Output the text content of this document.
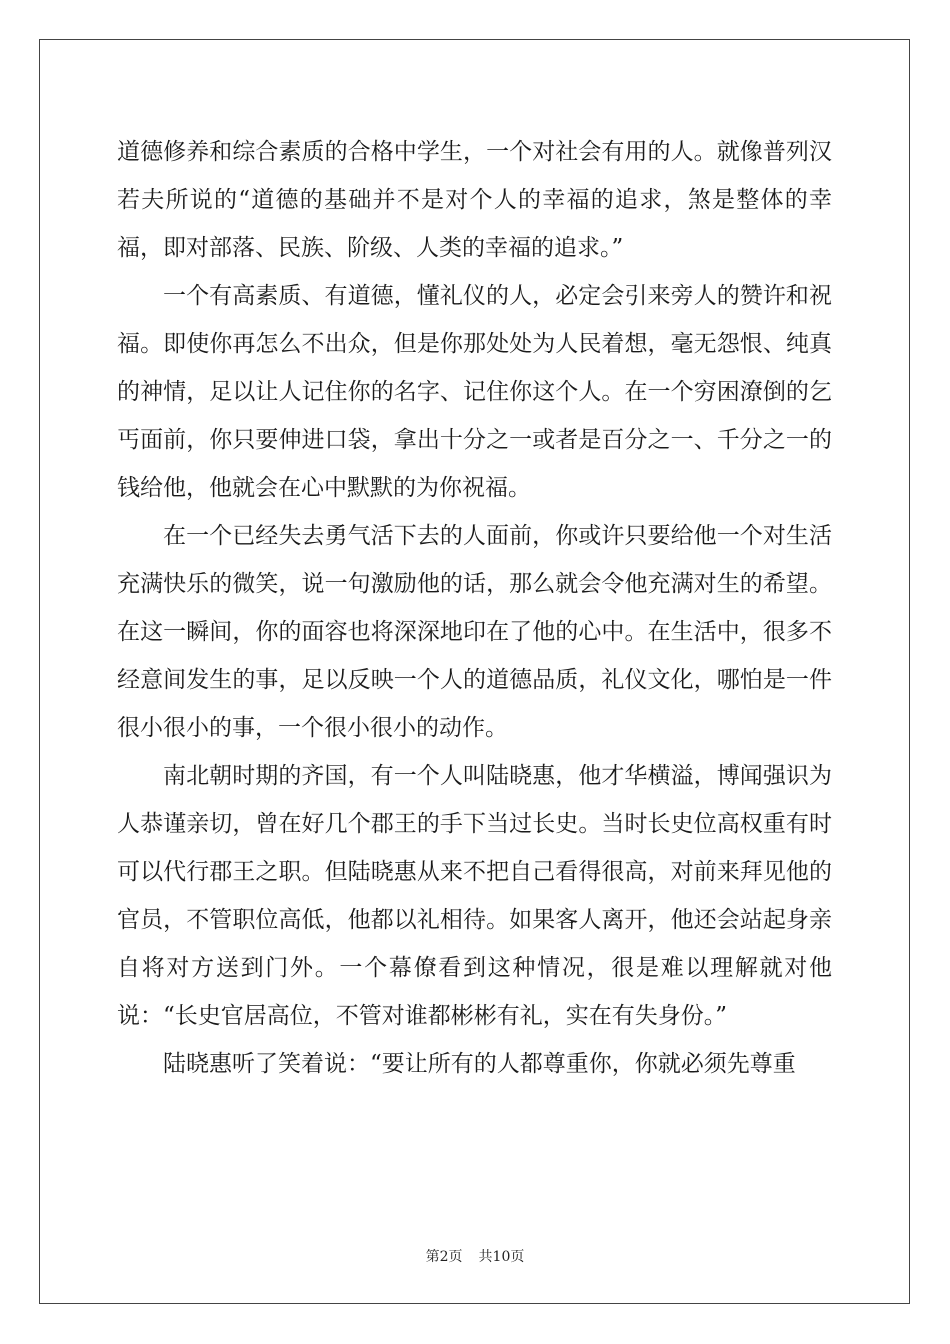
道德修养和综合素质的合格中学生，一个对社会有用的人。就像普列汉若夫所说的“道德的基础并不是对个人的幸福的追求，煞是整体的幸福，即对部落、民族、阶级、人类的幸福的追求。”

一个有高素质、有道德，懂礼仪的人，必定会引来旁人的赞许和祝福。即使你再怎么不出众，但是你那处处为人民着想，毫无怨恨、纯真的神情，足以让人记住你的名字、记住你这个人。在一个穷困潦倒的乞丐面前，你只要伸进口袋，拿出十分之一或者是百分之一、千分之一的钱给他，他就会在心中默默的为你祝福。

在一个已经失去勇气活下去的人面前，你或许只要给他一个对生活充满快乐的微笑，说一句激励他的话，那么就会令他充满对生的希望。在这一瞬间，你的面容也将深深地印在了他的心中。在生活中，很多不经意间发生的事，足以反映一个人的道德品质，礼仪文化，哪怕是一件很小很小的事，一个很小很小的动作。

南北朝时期的齐国，有一个人叫陆晓惠，他才华横溢，博闻强识为人恭谨亲切，曾在好几个郡王的手下当过长史。当时长史位高权重有时可以代行郡王之职。但陆晓惠从来不把自己看得很高，对前来拜见他的官员，不管职位高低，他都以礼相待。如果客人离开，他还会站起身亲自将对方送到门外。一个幕僚看到这种情况，很是难以理解就对他说：“长史官居高位，不管对谁都彬彬有礼，实在有失身份。”

陆晓惠听了笑着说：“要让所有的人都尊重你，你就必须先尊重

第2页 共10页
